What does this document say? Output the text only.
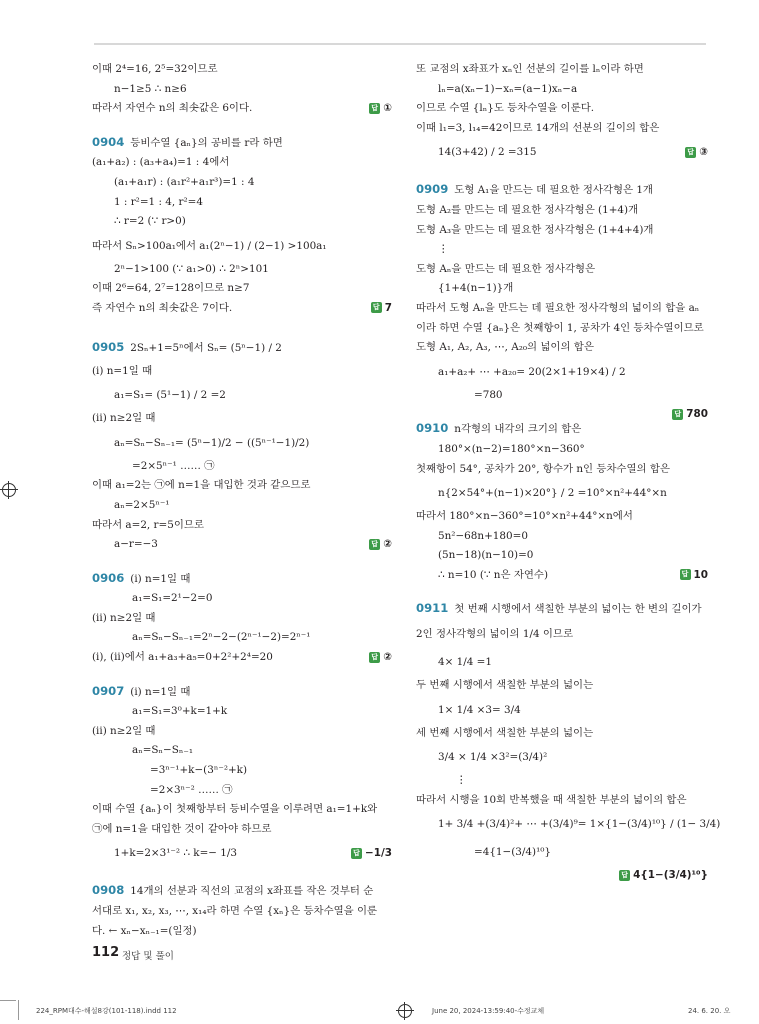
이때 2⁴=16, 2⁵=32이므로
n−1≥5 ∴ n≥6
따라서 자연수 n의 최솟값은 6이다.	답 ①
0904 등비수열 {aₙ}의 공비를 r라 하면
(a₁+a₂) : (a₃+a₄)=1 : 4에서
(a₁+a₁r) : (a₁r²+a₁r³)=1 : 4
1 : r²=1 : 4, r²=4
∴ r=2 (∵ r>0)
따라서 Sₙ>100a₁에서 a₁(2ⁿ−1) / (2−1) >100a₁
2ⁿ−1>100 (∵ a₁>0) ∴ 2ⁿ>101
이때 2⁶=64, 2⁷=128이므로 n≥7
즉 자연수 n의 최솟값은 7이다.	답 7
0905 2Sₙ+1=5ⁿ에서 Sₙ= (5ⁿ−1) / 2
(i) n=1일 때
a₁=S₁= (5¹−1) / 2 =2
(ii) n≥2일 때
aₙ=Sₙ−Sₙ₋₁= (5ⁿ−1)/2 − ((5ⁿ⁻¹−1)/2)
=2×5ⁿ⁻¹ …… ㉠
이때 a₁=2는 ㉠에 n=1을 대입한 것과 같으므로
aₙ=2×5ⁿ⁻¹
따라서 a=2, r=5이므로
a−r=−3	답 ②
0906 (i) n=1일 때
a₁=S₁=2¹−2=0
(ii) n≥2일 때
aₙ=Sₙ−Sₙ₋₁=2ⁿ−2−(2ⁿ⁻¹−2)=2ⁿ⁻¹
(i), (ii)에서 a₁+a₃+a₅=0+2²+2⁴=20	답 ②
0907 (i) n=1일 때
a₁=S₁=3⁰+k=1+k
(ii) n≥2일 때
aₙ=Sₙ−Sₙ₋₁
=3ⁿ⁻¹+k−(3ⁿ⁻²+k)
=2×3ⁿ⁻² …… ㉠
이때 수열 {aₙ}이 첫째항부터 등비수열을 이루려면 a₁=1+k와
㉠에 n=1을 대입한 것이 같아야 하므로
1+k=2×3¹⁻² ∴ k=− 1/3	답 −1/3
0908 14개의 선분과 직선의 교점의 x좌표를 작은 것부터 순
서대로 x₁, x₂, x₃, ⋯, x₁₄라 하면 수열 {xₙ}은 등차수열을 이룬
다. ← xₙ−xₙ₋₁=(일정)
또 교점의 x좌표가 xₙ인 선분의 길이를 lₙ이라 하면
lₙ=a(xₙ−1)−xₙ=(a−1)xₙ−a
이므로 수열 {lₙ}도 등차수열을 이룬다.
이때 l₁=3, l₁₄=42이므로 14개의 선분의 길이의 합은
14(3+42) / 2 =315	답 ③
0909 도형 A₁을 만드는 데 필요한 정사각형은 1개
도형 A₂를 만드는 데 필요한 정사각형은 (1+4)개
도형 A₃을 만드는 데 필요한 정사각형은 (1+4+4)개
⋮
도형 Aₙ을 만드는 데 필요한 정사각형은
{1+4(n−1)}개
따라서 도형 Aₙ을 만드는 데 필요한 정사각형의 넓이의 합을 aₙ
이라 하면 수열 {aₙ}은 첫째항이 1, 공차가 4인 등차수열이므로
도형 A₁, A₂, A₃, ⋯, A₂₀의 넓이의 합은
a₁+a₂+ ⋯ +a₂₀= 20(2×1+19×4) / 2
=780
답 780
0910 n각형의 내각의 크기의 합은
180°×(n−2)=180°×n−360°
첫째항이 54°, 공차가 20°, 항수가 n인 등차수열의 합은
n{2×54°+(n−1)×20°} / 2 =10°×n²+44°×n
따라서 180°×n−360°=10°×n²+44°×n에서
5n²−68n+180=0
(5n−18)(n−10)=0
∴ n=10 (∵ n은 자연수)	답 10
0911 첫 번째 시행에서 색칠한 부분의 넓이는 한 변의 길이가
2인 정사각형의 넓이의 1/4 이므로
4× 1/4 =1
두 번째 시행에서 색칠한 부분의 넓이는
1× 1/4 ×3= 3/4
세 번째 시행에서 색칠한 부분의 넓이는
3/4 × 1/4 ×3²=(3/4)²
⋮
따라서 시행을 10회 반복했을 때 색칠한 부분의 넓이의 합은
1+ 3/4 +(3/4)²+ ⋯ +(3/4)⁹= 1×{1−(3/4)¹⁰} / (1− 3/4)
=4{1−(3/4)¹⁰}
답 4{1−(3/4)¹⁰}
112 정답 및 풀이
224_RPM대수-해설8강(101-118).indd 112	June 20, 2024-13:59:40-수정교체	24. 6. 20. 오
